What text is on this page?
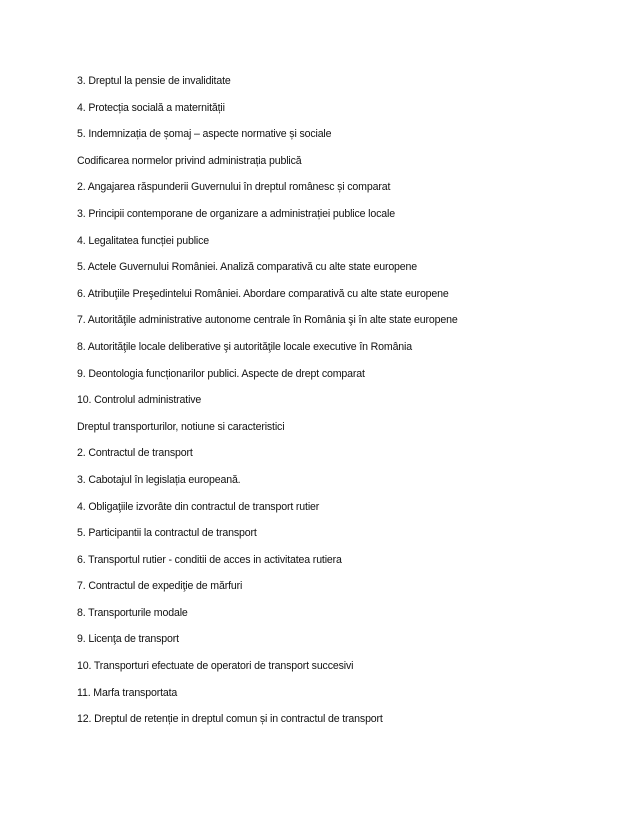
3. Dreptul la pensie de invaliditate
4. Protecția socială a maternității
5. Indemnizația de șomaj – aspecte normative și sociale
Codificarea normelor privind administrația publică
2. Angajarea răspunderii Guvernului în dreptul românesc și comparat
3. Principii contemporane de organizare a administrației publice locale
4. Legalitatea funcției publice
5. Actele Guvernului României. Analiză comparativă cu alte state europene
6. Atribuţiile Preşedintelui României. Abordare comparativă cu alte state europene
7. Autorităţile administrative autonome centrale în România şi în alte state europene
8. Autorităţile locale deliberative şi autorităţile locale executive în România
9. Deontologia funcționarilor publici. Aspecte de drept comparat
10. Controlul administrative
Dreptul transporturilor, notiune si caracteristici
2. Contractul de transport
3. Cabotajul în legislația europeană.
4. Obligaţiile izvorâte din contractul de transport rutier
5. Participantii la contractul de transport
6. Transportul rutier - conditii de acces in activitatea rutiera
7. Contractul de expediţie de mărfuri
8. Transporturile modale
9. Licenţa de transport
10. Transporturi efectuate de operatori de transport succesivi
11. Marfa transportata
12. Dreptul de retenție in dreptul comun și in contractul de transport
